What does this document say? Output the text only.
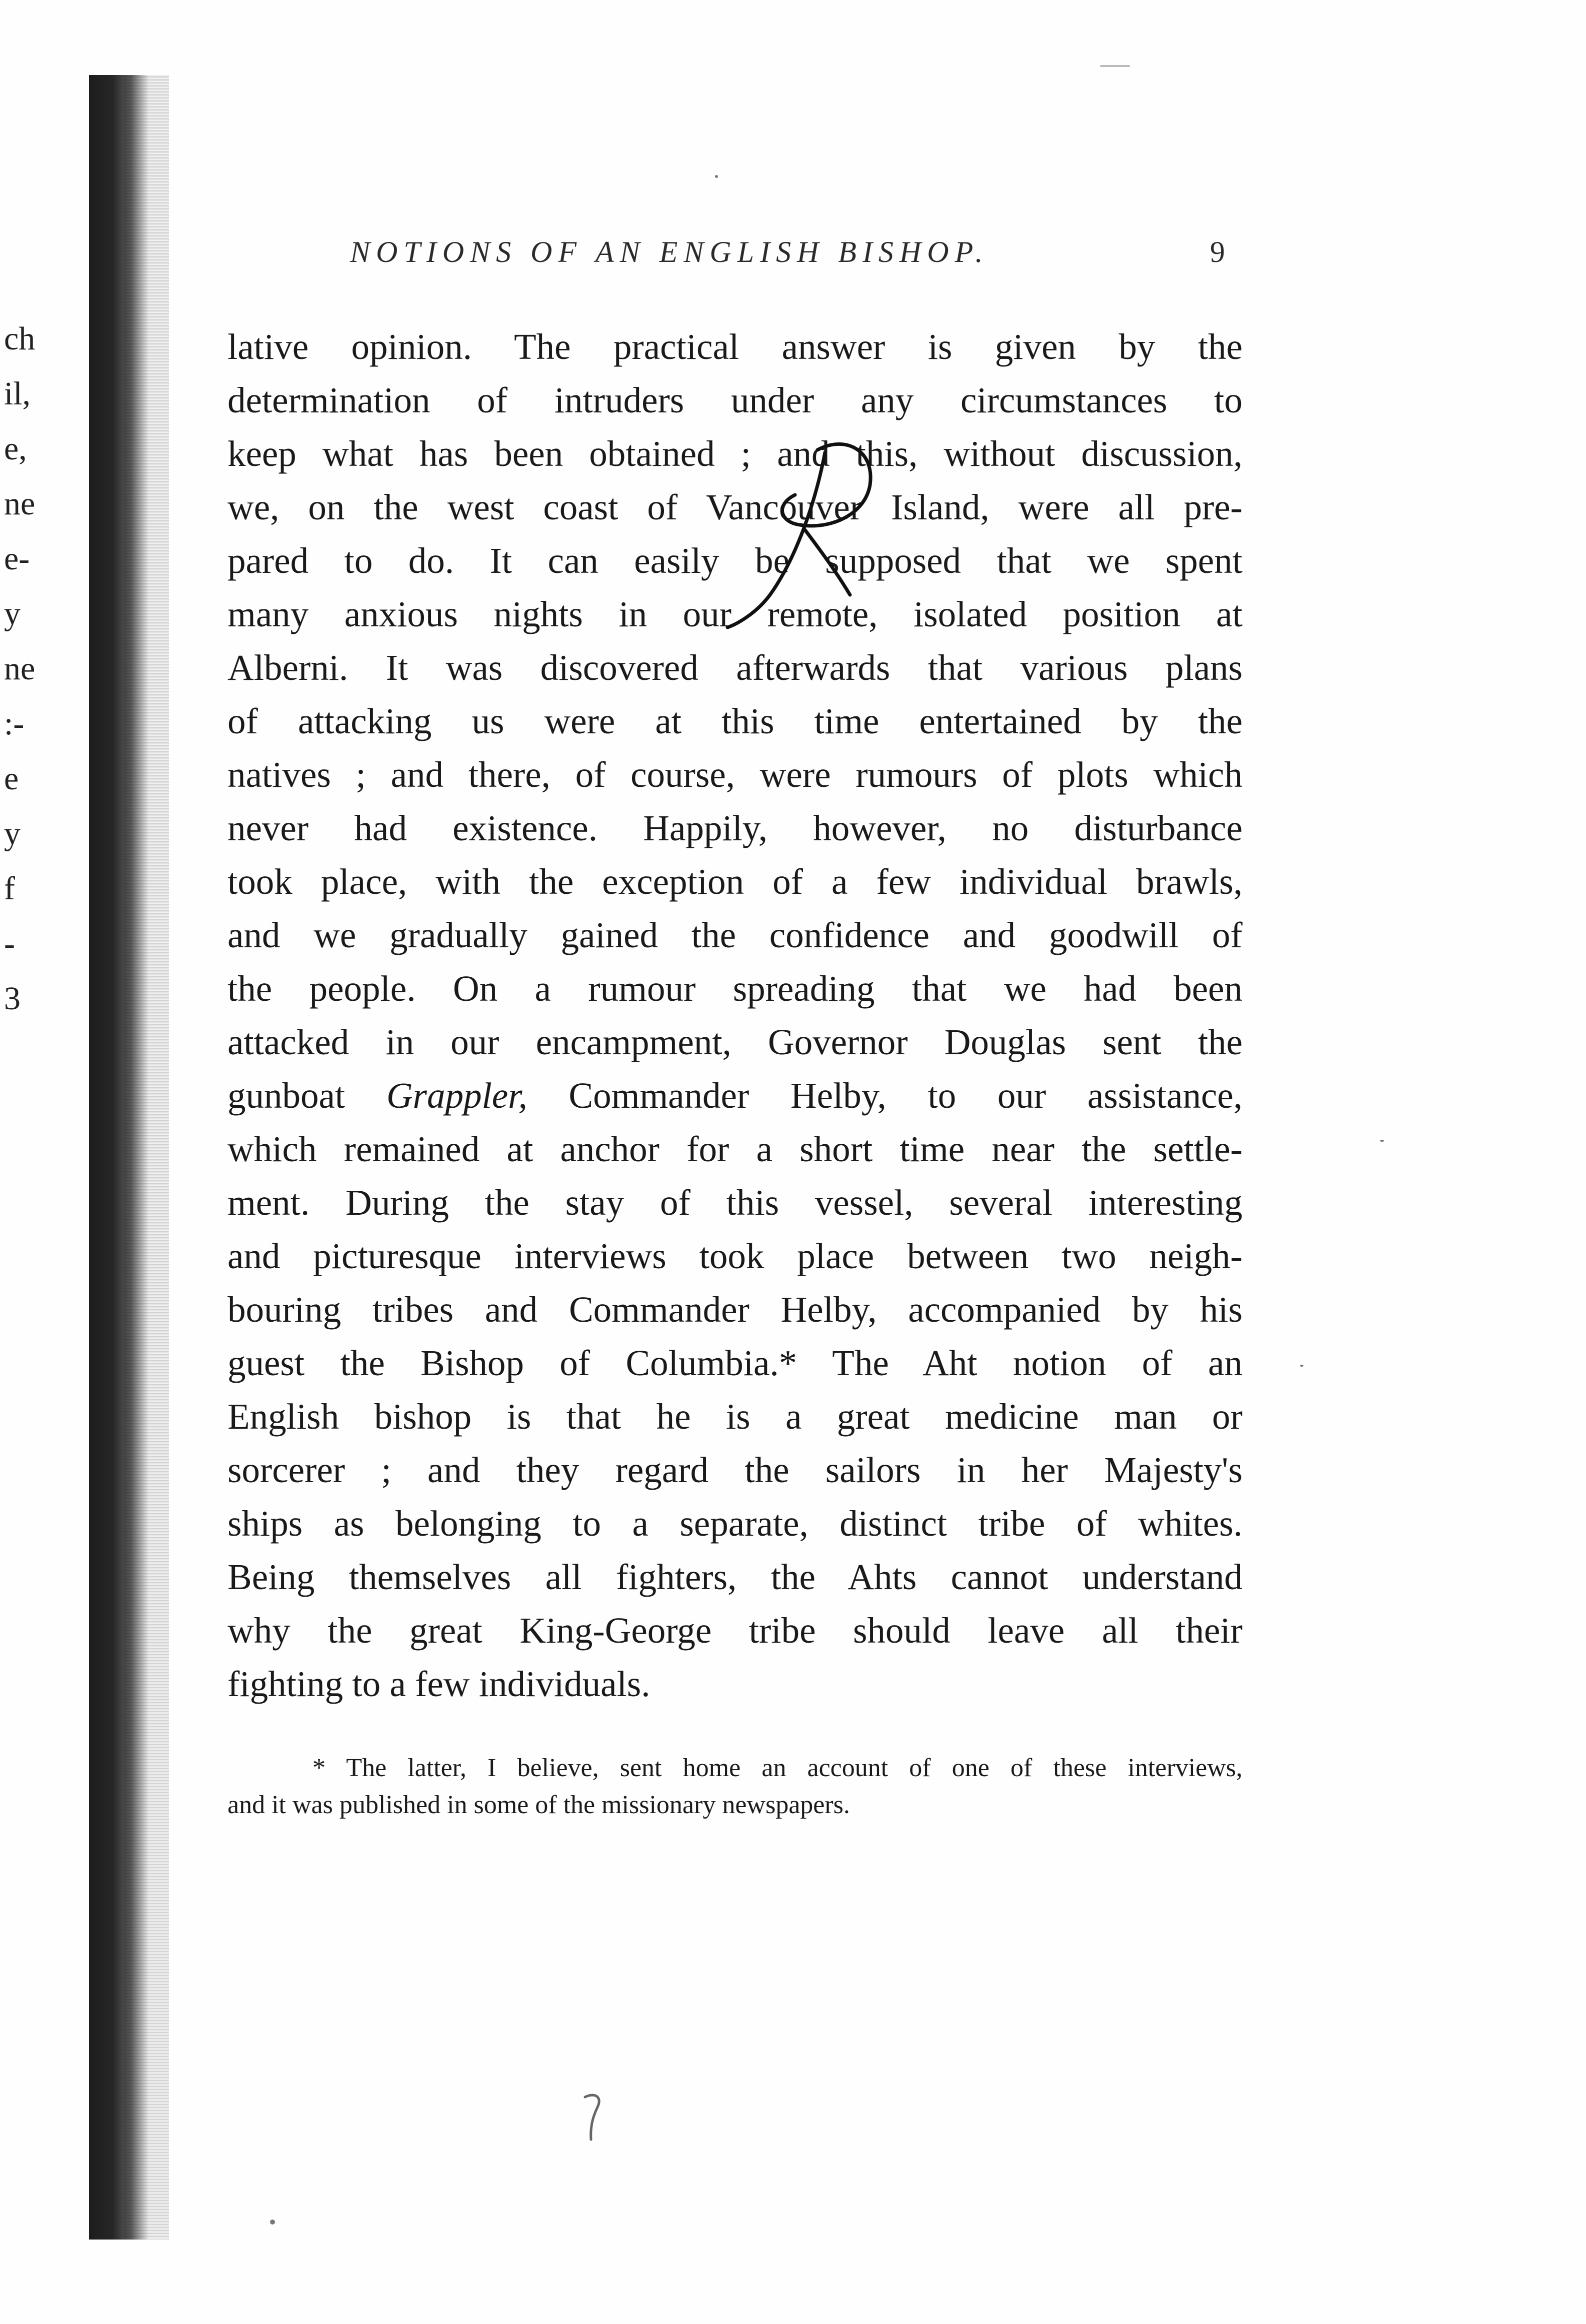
ch
il,
e,
ne
e-
y
ne
:-
e
y
f
-
3
NOTIONS OF AN ENGLISH BISHOP.	9
lative opinion. The practical answer is given by the
determination of intruders under any circumstances to
keep what has been obtained ; and this, without discussion,
we, on the west coast of Vancouver Island, were all pre-
pared to do. It can easily be supposed that we spent
many anxious nights in our remote, isolated position at
Alberni. It was discovered afterwards that various plans
of attacking us were at this time entertained by the
natives ; and there, of course, were rumours of plots which
never had existence. Happily, however, no disturbance
took place, with the exception of a few individual brawls,
and we gradually gained the confidence and goodwill of
the people. On a rumour spreading that we had been
attacked in our encampment, Governor Douglas sent the
gunboat Grappler, Commander Helby, to our assistance,
which remained at anchor for a short time near the settle-
ment. During the stay of this vessel, several interesting
and picturesque interviews took place between two neigh-
bouring tribes and Commander Helby, accompanied by his
guest the Bishop of Columbia.* The Aht notion of an
English bishop is that he is a great medicine man or
sorcerer ; and they regard the sailors in her Majesty's
ships as belonging to a separate, distinct tribe of whites.
Being themselves all fighters, the Ahts cannot understand
why the great King-George tribe should leave all their
fighting to a few individuals.
* The latter, I believe, sent home an account of one of these interviews,
and it was published in some of the missionary newspapers.
